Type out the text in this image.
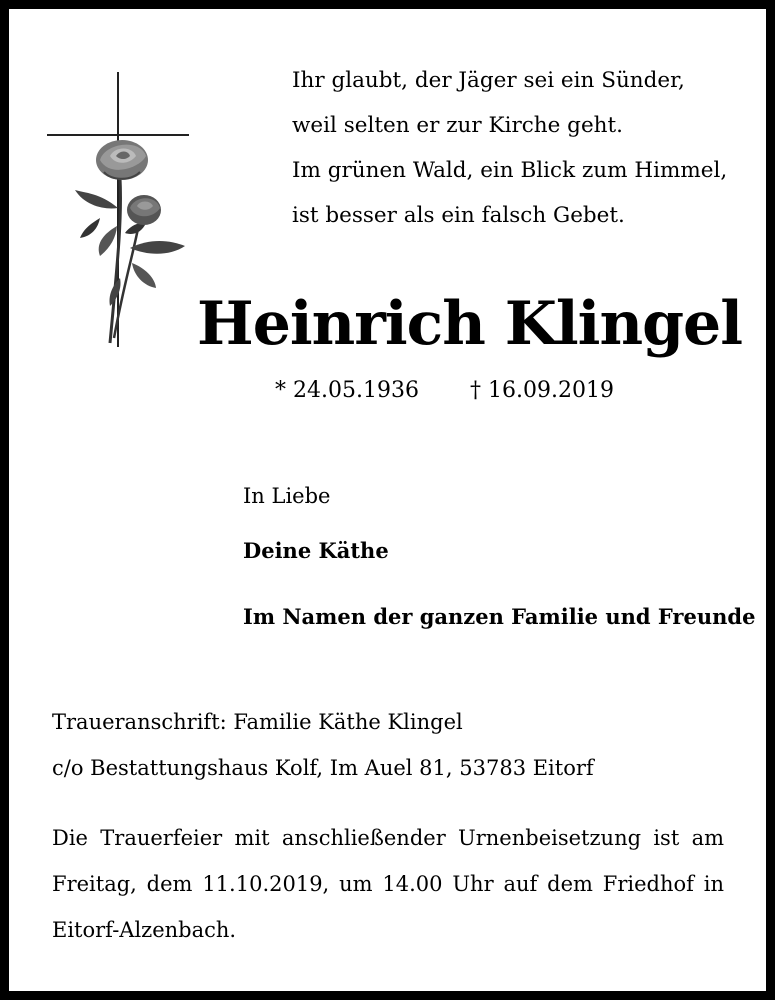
Ihr glaubt, der Jäger sei ein Sünder,
weil selten er zur Kirche geht.
Im grünen Wald, ein Blick zum Himmel,
ist besser als ein falsch Gebet.
Heinrich Klingel
* 24.05.1936 † 16.09.2019
In Liebe
Deine Käthe
Im Namen der ganzen Familie und Freunde
Traueranschrift: Familie Käthe Klingel
c/o Bestattungshaus Kolf, Im Auel 81, 53783 Eitorf
Die Trauerfeier mit anschließender Urnenbeisetzung ist am
Freitag, dem 11.10.2019, um 14.00 Uhr auf dem Friedhof in
Eitorf-Alzenbach.
